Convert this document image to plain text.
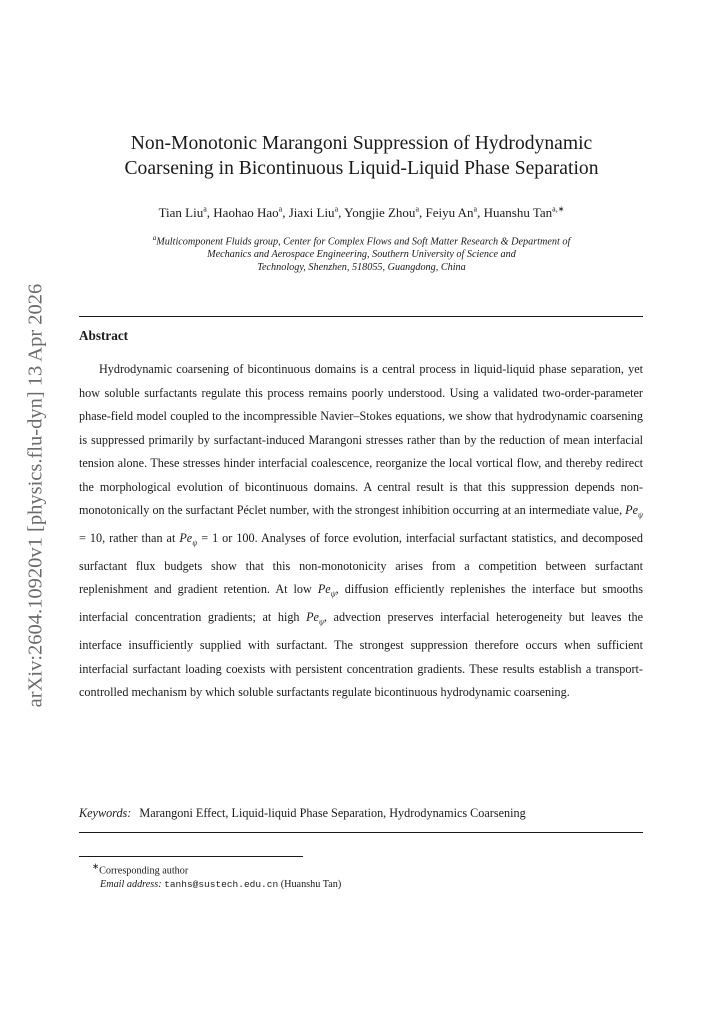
arXiv:2604.10920v1 [physics.flu-dyn] 13 Apr 2026
Non-Monotonic Marangoni Suppression of Hydrodynamic
Coarsening in Bicontinuous Liquid-Liquid Phase Separation
Tian Liu$^a$, Haohao Hao$^a$, Jiaxi Liu$^a$, Yongjie Zhou$^a$, Feiyu An$^a$, Huanshu Tan$^{a,∗}$
$^a$Multicomponent Fluids group, Center for Complex Flows and Soft Matter Research & Department of
Mechanics and Aerospace Engineering, Southern University of Science and
Technology, Shenzhen, 518055, Guangdong, China
Abstract
Hydrodynamic coarsening of bicontinuous domains is a central process in liquid-liquid phase separation, yet how soluble surfactants regulate this process remains poorly understood. Using a validated two-order-parameter phase-field model coupled to the incompressible Navier–Stokes equations, we show that hydrodynamic coarsening is suppressed primarily by surfactant-induced Marangoni stresses rather than by the reduction of mean interfacial tension alone. These stresses hinder interfacial coalescence, reorganize the local vortical flow, and thereby redirect the morphological evolution of bicontinuous domains. A central result is that this suppression depends non-monotonically on the surfactant Péclet number, with the strongest inhibition occurring at an intermediate value, $Pe_\psi = 10$, rather than at $Pe_\psi = 1$ or 100. Analyses of force evolution, interfacial surfactant statistics, and decomposed surfactant flux budgets show that this non-monotonicity arises from a competition between surfactant replenishment and gradient retention. At low $Pe_\psi$, diffusion efficiently replenishes the interface but smooths interfacial concentration gradients; at high $Pe_\psi$, advection preserves interfacial heterogeneity but leaves the interface insufficiently supplied with surfactant. The strongest suppression therefore occurs when sufficient interfacial surfactant loading coexists with persistent concentration gradients. These results establish a transport-controlled mechanism by which soluble surfactants regulate bicontinuous hydrodynamic coarsening.
Keywords: Marangoni Effect, Liquid-liquid Phase Separation, Hydrodynamics Coarsening
∗Corresponding author
Email address: tanhs@sustech.edu.cn (Huanshu Tan)
